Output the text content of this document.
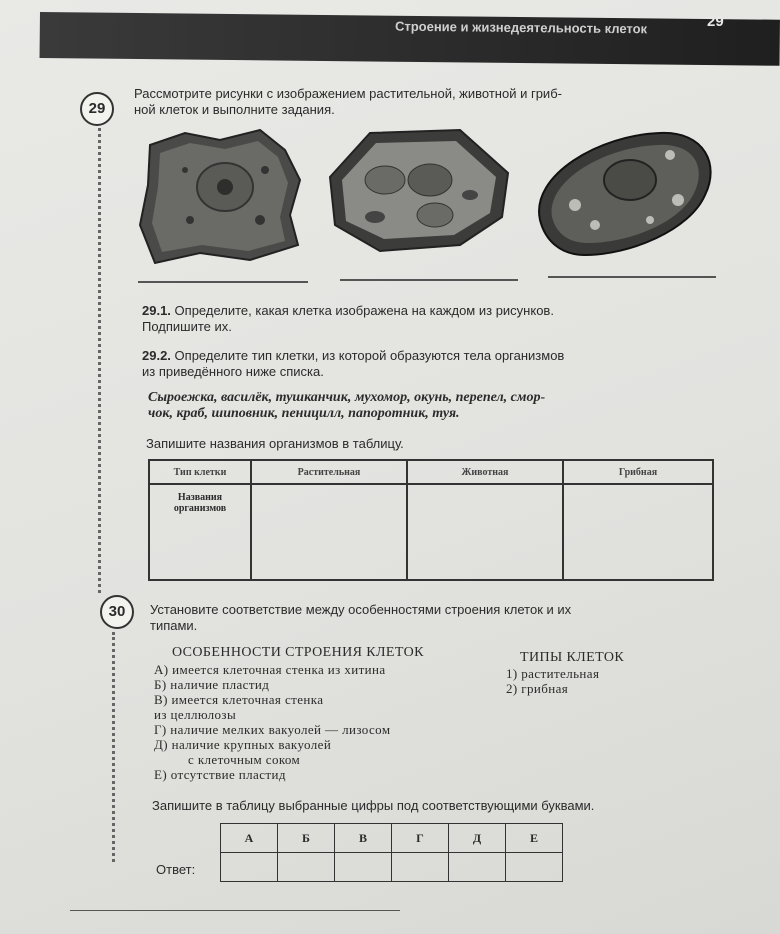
Строение и жизнедеятельность клеток	29
29
Рассмотрите рисунки с изображением растительной, животной и гриб-
ной клеток и выполните задания.
29.1. Определите, какая клетка изображена на каждом из рисунков.
Подпишите их.
29.2. Определите тип клетки, из которой образуются тела организмов
из приведённого ниже списка.
Сыроежка, василёк, тушканчик, мухомор, окунь, перепел, смор-
чок, краб, шиповник, пеницилл, папоротник, туя.
Запишите названия организмов в таблицу.
Тип клетки	Растительная	Животная	Грибная

Названия
организмов			

30	Установите соответствие между особенностями строения клеток и их
типами.
ОСОБЕННОСТИ СТРОЕНИЯ КЛЕТОК
А) имеется клеточная стенка из хитина
Б) наличие пластид
В) имеется клеточная стенка
из целлюлозы
Г) наличие мелких вакуолей — лизосом
Д) наличие крупных вакуолей
с клеточным соком
Е) отсутствие пластид
ТИПЫ КЛЕТОК
1) растительная
2) грибная
Запишите в таблицу выбранные цифры под соответствующими буквами.
Ответ:
А	Б	В	Г	Д	Е
